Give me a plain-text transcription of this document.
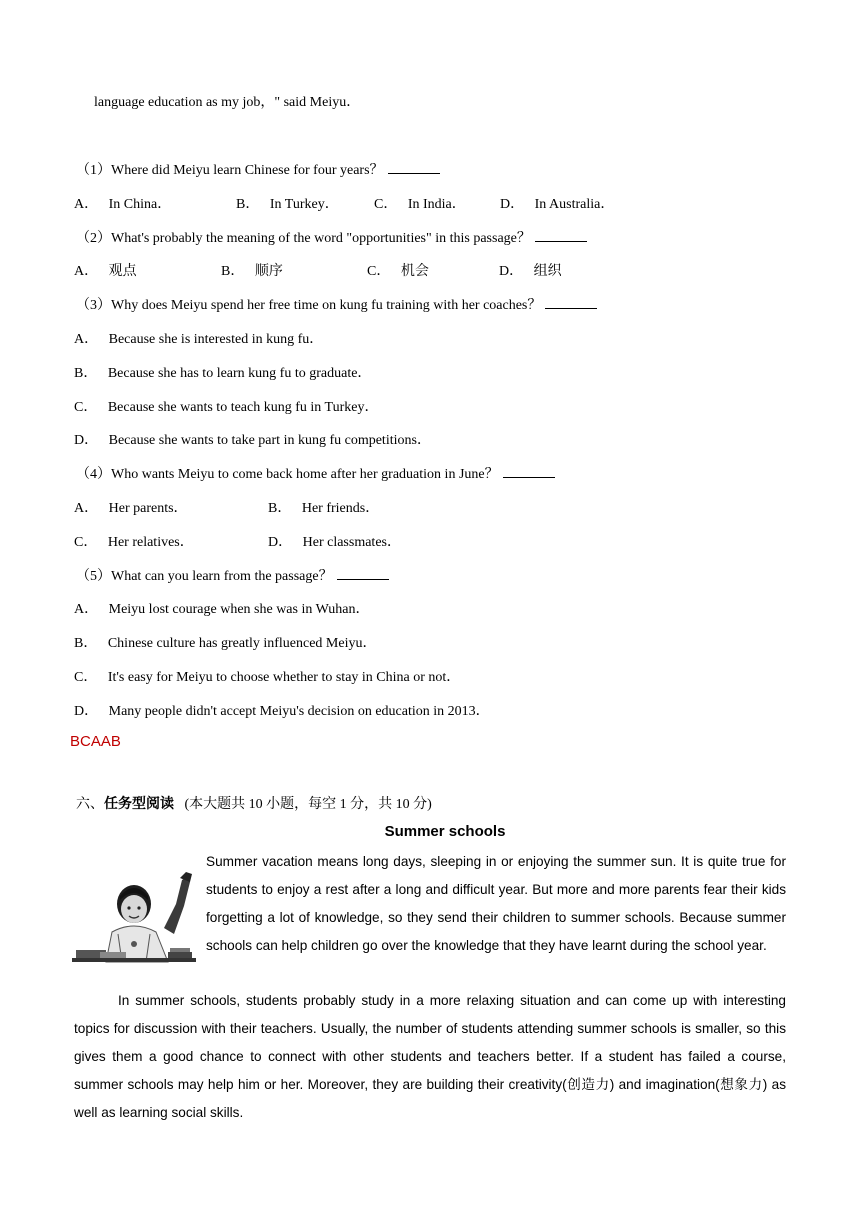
language education as my job，" said Meiyu．
（1）Where did Meiyu learn Chinese for four years？
A． In China．	B． In Turkey．	C． In India． D． In Australia．
（2）What's probably the meaning of the word "opportunities" in this passage？
A． 观点	B． 顺序	C． 机会	D． 组织
（3）Why does Meiyu spend her free time on kung fu training with her coaches？
A． Because she is interested in kung fu．
B． Because she has to learn kung fu to graduate．
C． Because she wants to teach kung fu in Turkey．
D． Because she wants to take part in kung fu competitions．
（4）Who wants Meiyu to come back home after her graduation in June？
A． Her parents．	B． Her friends．
C． Her relatives．	D． Her classmates．
（5）What can you learn from the passage？
A． Meiyu lost courage when she was in Wuhan．
B． Chinese culture has greatly influenced Meiyu．
C． It's easy for Meiyu to choose whether to stay in China or not．
D． Many people didn't accept Meiyu's decision on education in 2013．
BCAAB
六、任务型阅读 (本大题共 10 小题，每空 1 分，共 10 分)
Summer schools
Summer vacation means long days, sleeping in or enjoying the summer sun. It is quite true for students to enjoy a rest after a long and difficult year. But more and more parents fear their kids forgetting a lot of knowledge, so they send their children to summer schools. Because summer schools can help children go over the knowledge that they have learnt during the school year.
In summer schools, students probably study in a more relaxing situation and can come up with interesting topics for discussion with their teachers. Usually, the number of students attending summer schools is smaller, so this gives them a good chance to connect with other students and teachers better. If a student has failed a course, summer schools may help him or her. Moreover, they are building their creativity(创造力) and imagination(想象力) as well as learning social skills.
